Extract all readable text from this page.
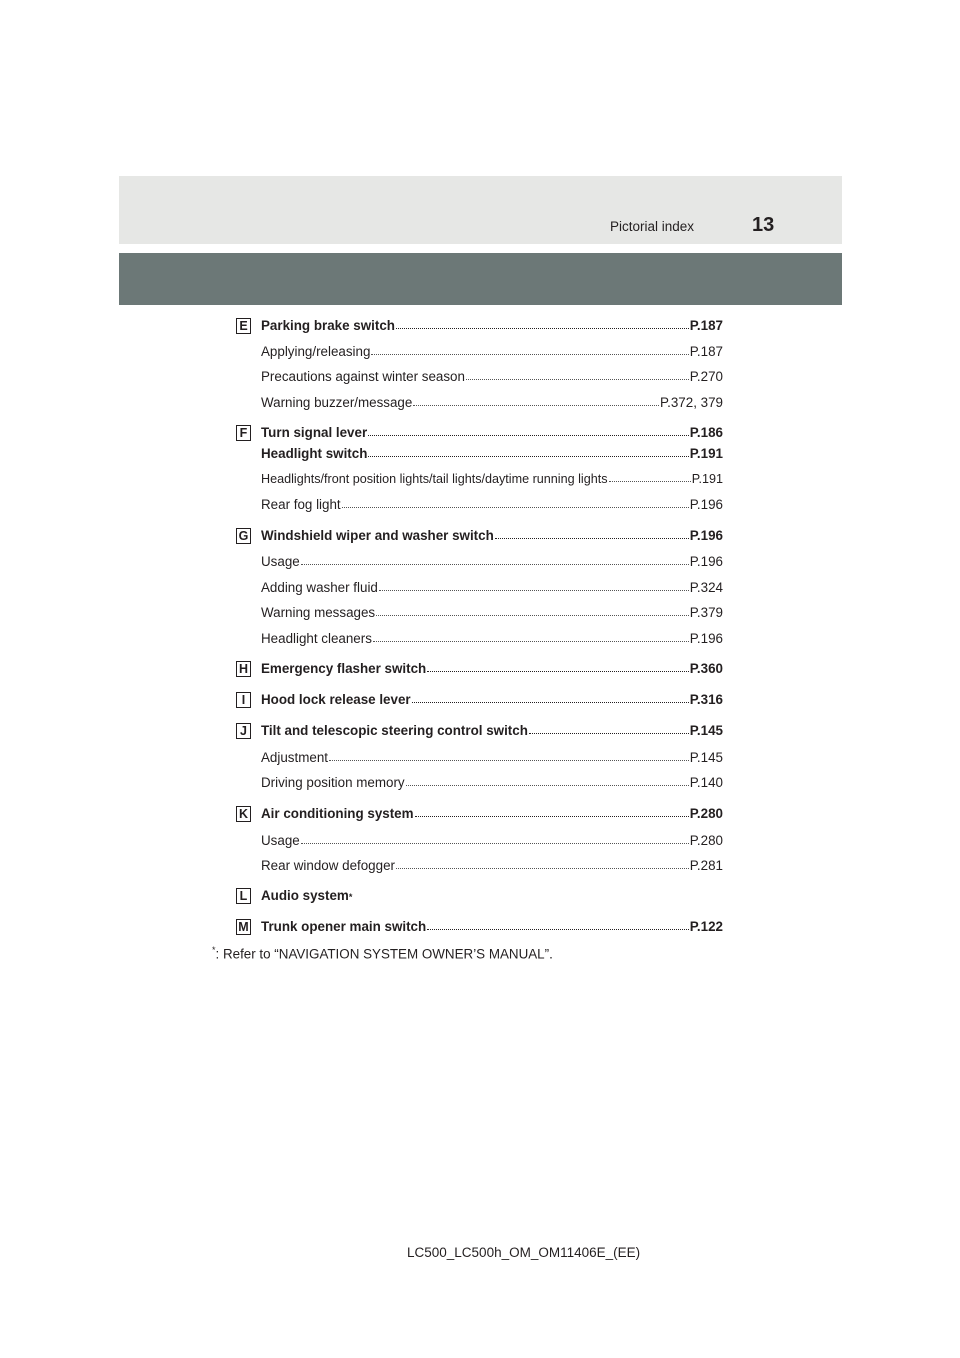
Pictorial index	13
E Parking brake switch	P.187
Applying/releasing	P.187
Precautions against winter season	P.270
Warning buzzer/message	P.372, 379
F Turn signal lever	P.186
Headlight switch	P.191
Headlights/front position lights/tail lights/daytime running lights	P.191
Rear fog light	P.196
G Windshield wiper and washer switch	P.196
Usage	P.196
Adding washer fluid	P.324
Warning messages	P.379
Headlight cleaners	P.196
H Emergency flasher switch	P.360
I	Hood lock release lever	P.316
J	Tilt and telescopic steering control switch	P.145
Adjustment	P.145
Driving position memory	P.140
K Air conditioning system	P.280
Usage	P.280
Rear window defogger	P.281
L Audio system *
M Trunk opener main switch	P.122
*: Refer to “NAVIGATION SYSTEM OWNER’S MANUAL”.
LC500_LC500h_OM_OM11406E_(EE)
